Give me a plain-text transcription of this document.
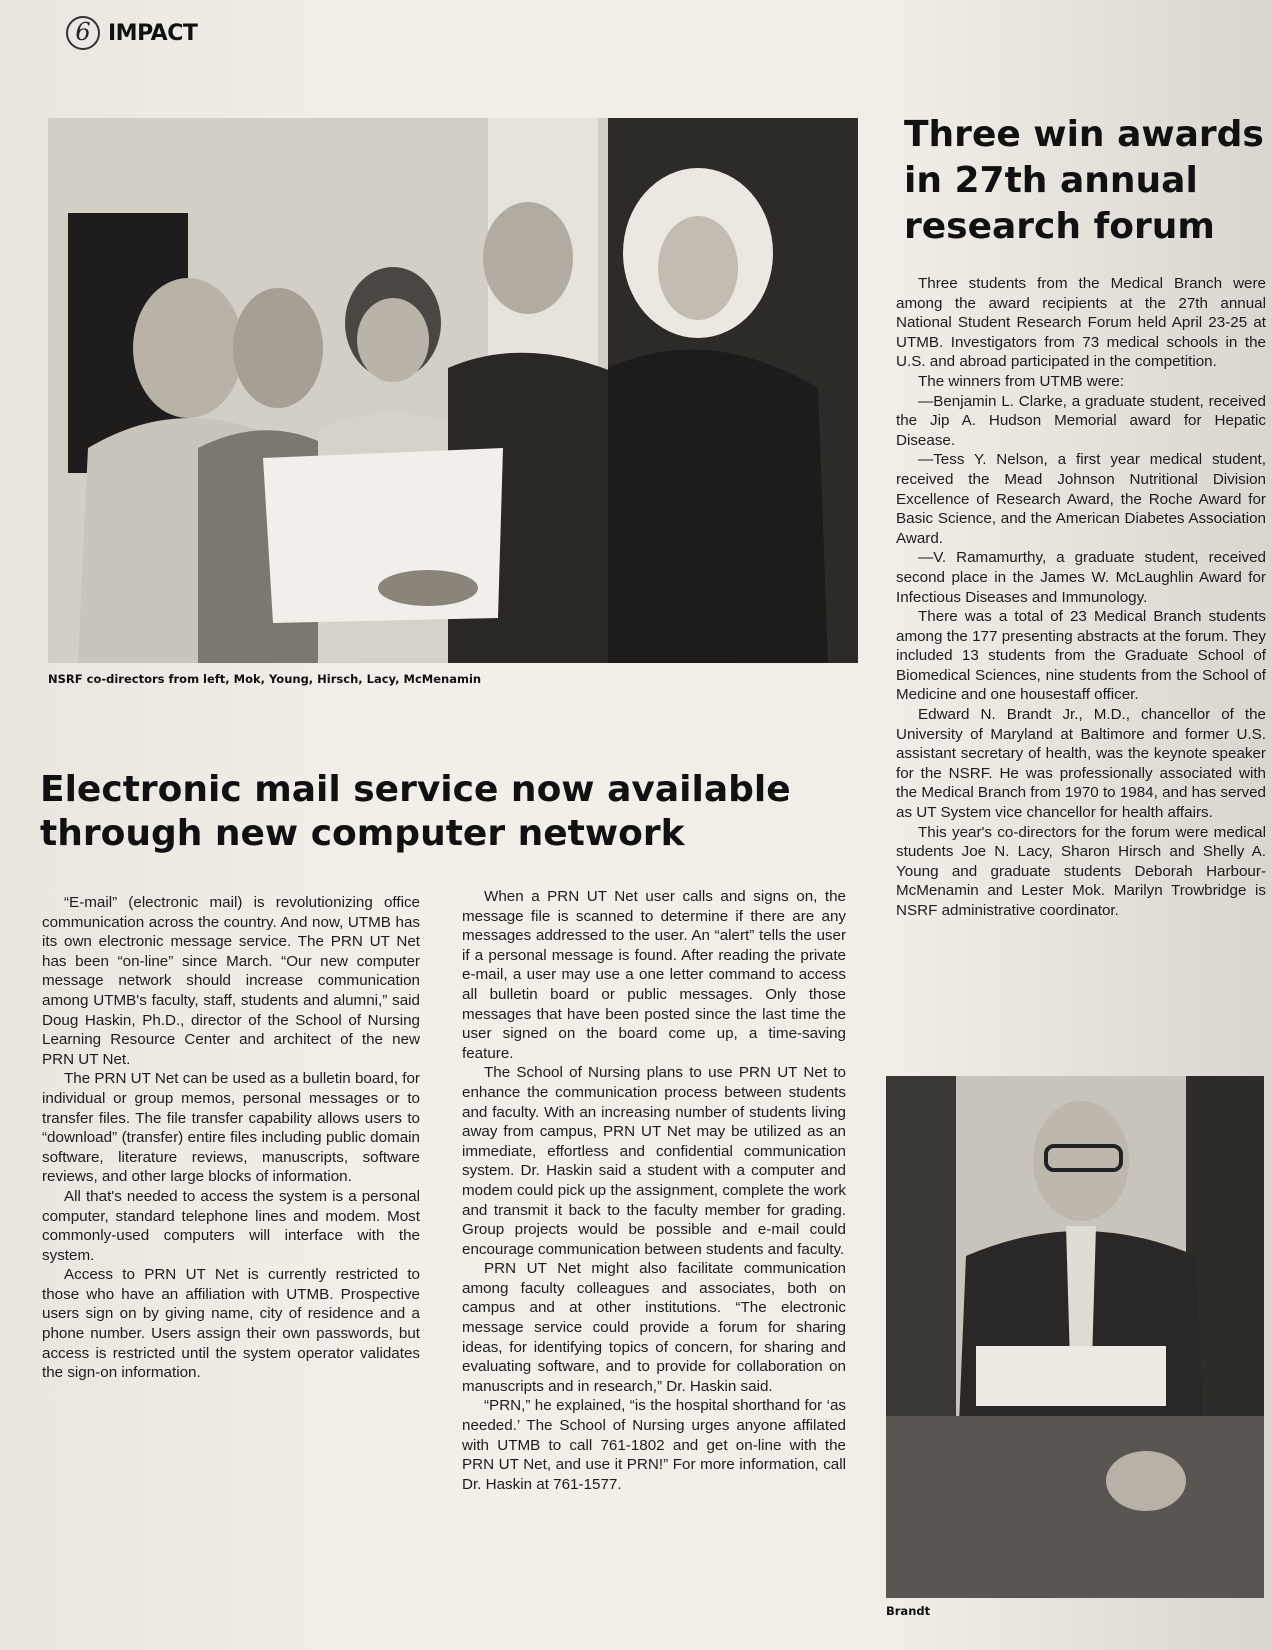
6 IMPACT
NSRF co-directors from left, Mok, Young, Hirsch, Lacy, McMenamin
Three win awards in 27th annual research forum

Three students from the Medical Branch were among the award recipients at the 27th annual National Student Research Forum held April 23-25 at UTMB. Investigators from 73 medical schools in the U.S. and abroad participated in the competition.

The winners from UTMB were:

—Benjamin L. Clarke, a graduate student, received the Jip A. Hudson Memorial award for Hepatic Disease.

—Tess Y. Nelson, a first year medical student, received the Mead Johnson Nutritional Division Excellence of Research Award, the Roche Award for Basic Science, and the American Diabetes Association Award.

—V. Ramamurthy, a graduate student, received second place in the James W. McLaughlin Award for Infectious Diseases and Immunology.

There was a total of 23 Medical Branch students among the 177 presenting abstracts at the forum. They included 13 students from the Graduate School of Biomedical Sciences, nine students from the School of Medicine and one housestaff officer.

Edward N. Brandt Jr., M.D., chancellor of the University of Maryland at Baltimore and former U.S. assistant secretary of health, was the keynote speaker for the NSRF. He was professionally associated with the Medical Branch from 1970 to 1984, and has served as UT System vice chancellor for health affairs.

This year's co-directors for the forum were medical students Joe N. Lacy, Sharon Hirsch and Shelly A. Young and graduate students Deborah Harbour-McMenamin and Lester Mok. Marilyn Trowbridge is NSRF administrative coordinator.

Electronic mail service now available through new computer network

“E-mail” (electronic mail) is revolutionizing office communication across the country. And now, UTMB has its own electronic message service. The PRN UT Net has been “on-line” since March. “Our new computer message network should increase communication among UTMB's faculty, staff, students and alumni,” said Doug Haskin, Ph.D., director of the School of Nursing Learning Resource Center and architect of the new PRN UT Net.

The PRN UT Net can be used as a bulletin board, for individual or group memos, personal messages or to transfer files. The file transfer capability allows users to “download” (transfer) entire files including public domain software, literature reviews, manuscripts, software reviews, and other large blocks of information.

All that's needed to access the system is a personal computer, standard telephone lines and modem. Most commonly-used computers will interface with the system.

Access to PRN UT Net is currently restricted to those who have an affiliation with UTMB. Prospective users sign on by giving name, city of residence and a phone number. Users assign their own passwords, but access is restricted until the system operator validates the sign-on information.

When a PRN UT Net user calls and signs on, the message file is scanned to determine if there are any messages addressed to the user. An “alert” tells the user if a personal message is found. After reading the private e-mail, a user may use a one letter command to access all bulletin board or public messages. Only those messages that have been posted since the last time the user signed on the board come up, a time-saving feature.

The School of Nursing plans to use PRN UT Net to enhance the communication process between students and faculty. With an increasing number of students living away from campus, PRN UT Net may be utilized as an immediate, effortless and confidential communication system. Dr. Haskin said a student with a computer and modem could pick up the assignment, complete the work and transmit it back to the faculty member for grading. Group projects would be possible and e-mail could encourage communication between students and faculty.

PRN UT Net might also facilitate communication among faculty colleagues and associates, both on campus and at other institutions. “The electronic message service could provide a forum for sharing ideas, for identifying topics of concern, for sharing and evaluating software, and to provide for collaboration on manuscripts and in research,” Dr. Haskin said.

“PRN,” he explained, “is the hospital shorthand for ‘as needed.’ The School of Nursing urges anyone affilated with UTMB to call 761-1802 and get on-line with the PRN UT Net, and use it PRN!” For more information, call Dr. Haskin at 761-1577.

Brandt
